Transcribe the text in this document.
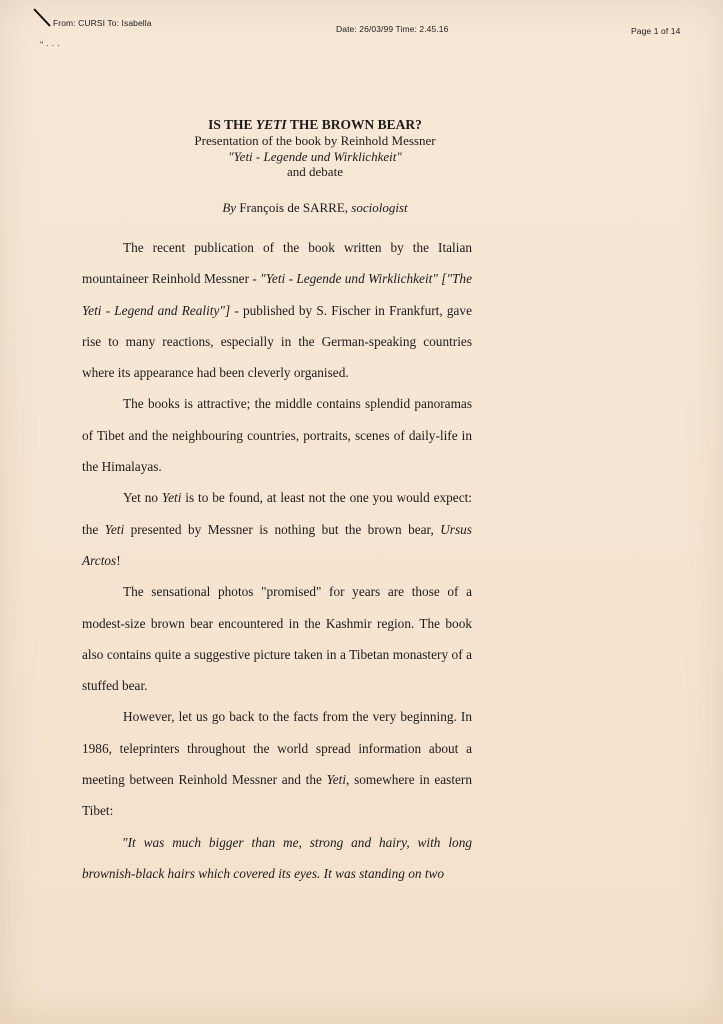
From: CURSI To: Isabella
Date: 26/03/99 Time: 2.45.16	Page 1 of 14
" · · ·

IS THE YETI THE BROWN BEAR?

Presentation of the book by Reinhold Messner

"Yeti - Legende und Wirklichkeit"

and debate

By François de SARRE, sociologist

The recent publication of the book written by the Italian mountaineer Reinhold Messner - "Yeti - Legende und Wirklichkeit" ["The Yeti - Legend and Reality"] - published by S. Fischer in Frankfurt, gave rise to many reactions, especially in the German-speaking countries where its appearance had been cleverly organised.

The books is attractive; the middle contains splendid panoramas of Tibet and the neighbouring countries, portraits, scenes of daily-life in the Himalayas.

Yet no Yeti is to be found, at least not the one you would expect: the Yeti presented by Messner is nothing but the brown bear, Ursus Arctos!

The sensational photos "promised" for years are those of a modest-size brown bear encountered in the Kashmir region. The book also contains quite a suggestive picture taken in a Tibetan monastery of a stuffed bear.

However, let us go back to the facts from the very beginning. In 1986, teleprinters throughout the world spread information about a meeting between Reinhold Messner and the Yeti, somewhere in eastern Tibet:

"It was much bigger than me, strong and hairy, with long brownish-black hairs which covered its eyes. It was standing on two
